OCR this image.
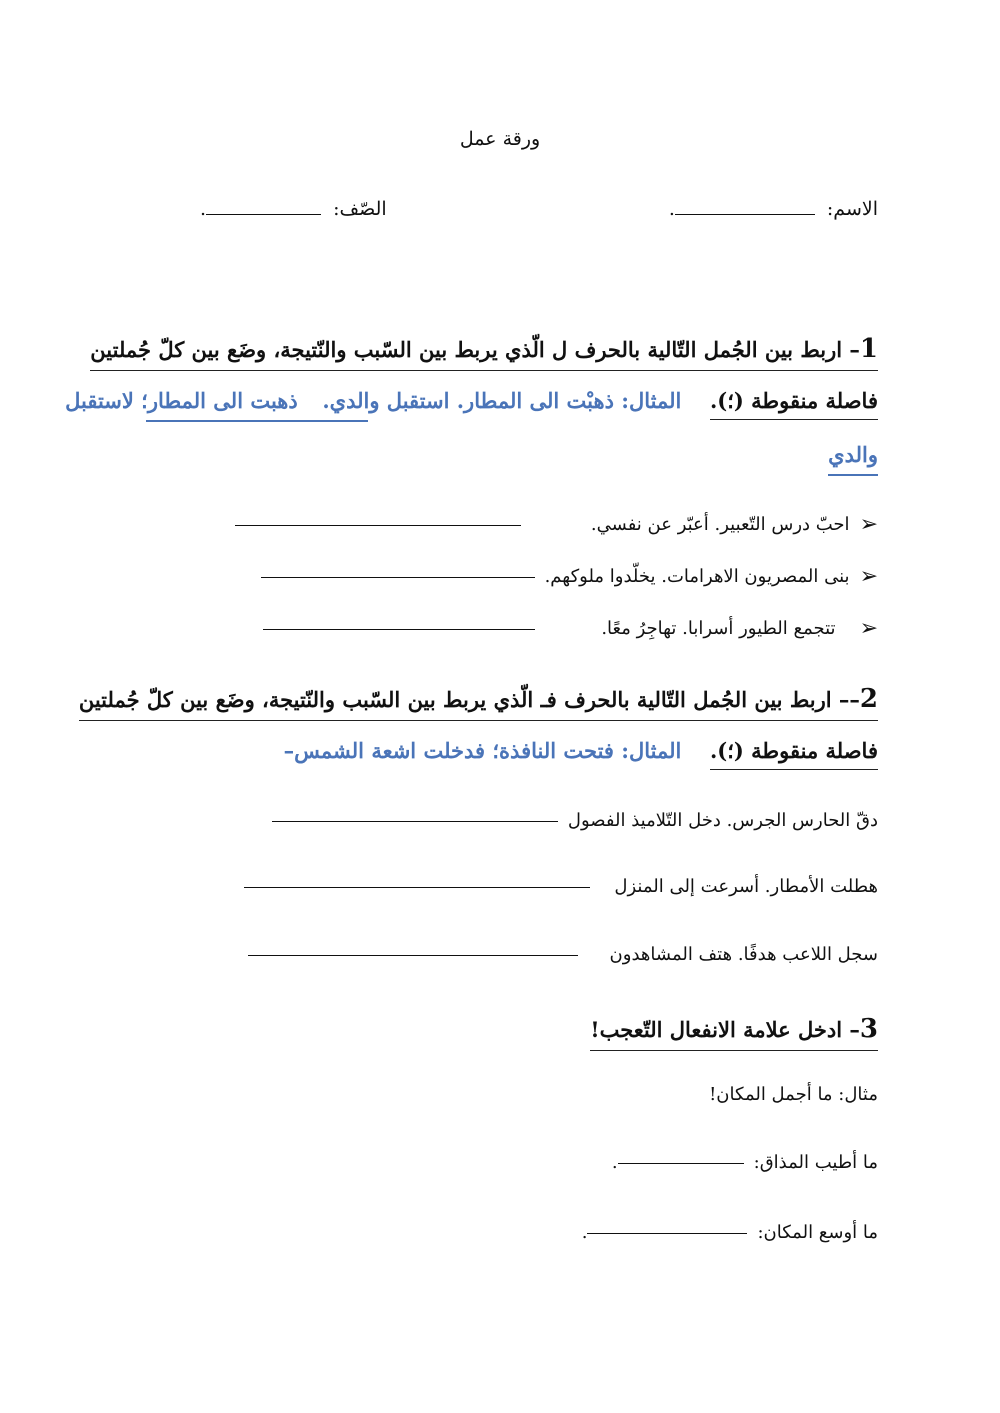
ورقة عمل
الاسم: .
الصّف: .
1– اربط بين الجُمل التّالية بالحرف ل الّذي يربط بين السّبب والنّتيجة، وضَع بين كلّ جُملتين
فاصلة منقوطة (؛).  المثال: ذهبْت الى المطار. استقبل والدي.  ذهبت الى المطار؛ لاستقبل
والدي
➢
احبّ درس التّعبير. أعبّر عن نفسي.
➢
بنى المصريون الاهرامات. يخلّدوا ملوكهم.
➢
تتجمع الطيور أسرابا. تهاجِرُ معًا.
2–– اربط بين الجُمل التّالية بالحرف فـ الّذي يربط بين السّبب والنّتيجة، وضَع بين كلّ جُملتين
فاصلة منقوطة (؛).  المثال: فتحت النافذة؛ فدخلت اشعة الشمس–
دقّ الحارس الجرس. دخل التّلاميذ الفصول
هطلت الأمطار. أسرعت إلى المنزل
سجل اللاعب هدفًا. هتف المشاهدون
3– ادخل علامة الانفعال التّعجب!
مثال: ما أجمل المكان!
ما أطيب المذاق:
.
ما أوسع المكان:
.
